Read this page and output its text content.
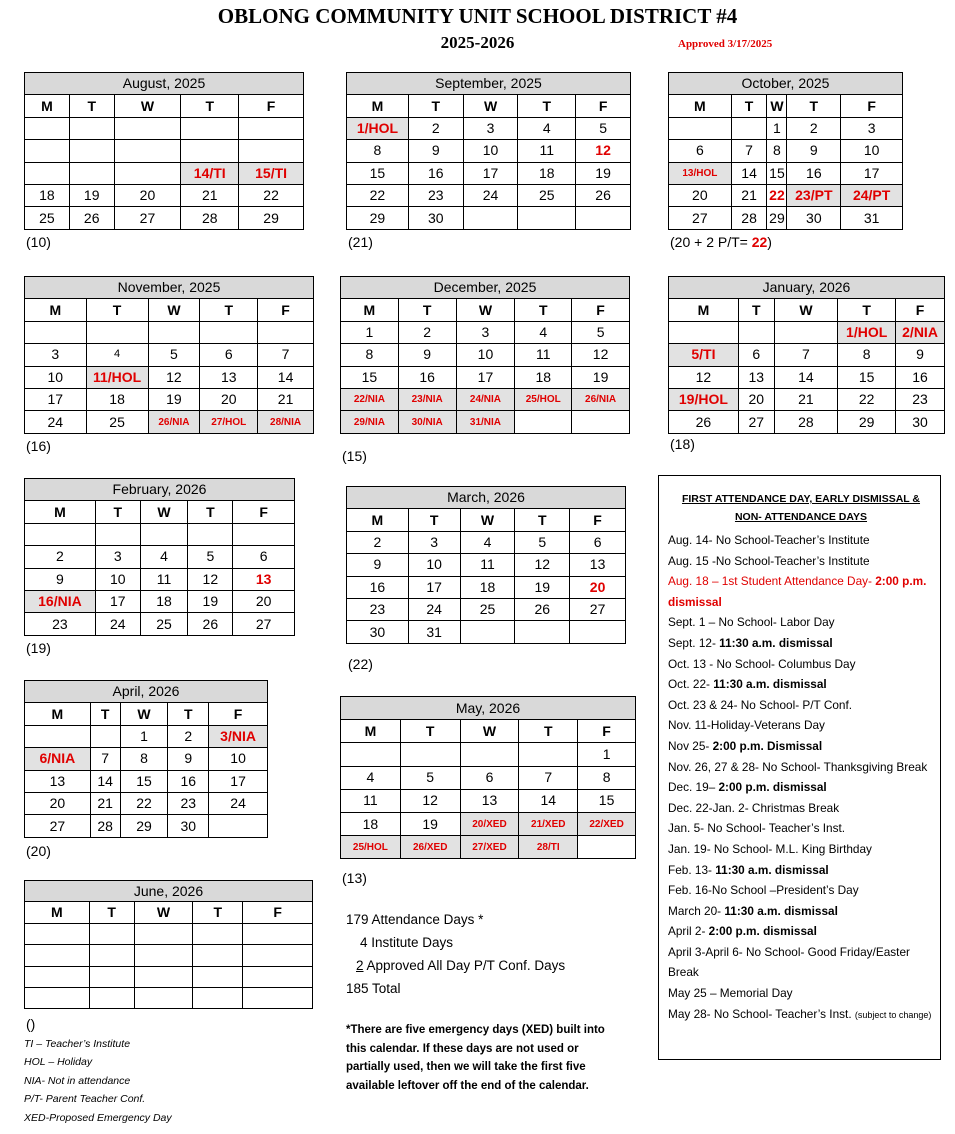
OBLONG COMMUNITY UNIT SCHOOL DISTRICT #4
2025-2026	Approved 3/17/2025
August, 2025				
M	T	W	T	F

			14/TI	15/TI
18	19	20	21	22
25	26	27	28	29
(10)
September, 2025				
M	T	W	T	F
1/HOL	2	3	4	5
8	9	10	11	12
15	16	17	18	19
22	23	24	25	26
29	30			
(21)
October, 2025				
M	T	W	T	F
		1	2	3
6	7	8	9	10
13/HOL	14	15	16	17
20	21	22	23/PT	24/PT
27	28	29	30	31
(20 + 2 P/T= 22)
November, 2025				
M	T	W	T	F

3	4	5	6	7
10	11/HOL	12	13	14
17	18	19	20	21
24	25	26/NIA	27/HOL	28/NIA
(16)
December, 2025				
M	T	W	T	F
1	2	3	4	5
8	9	10	11	12
15	16	17	18	19
22/NIA	23/NIA	24/NIA	25/HOL	26/NIA
29/NIA	30/NIA	31/NIA		
(15)
January, 2026				
M	T	W	T	F
			1/HOL	2/NIA
5/TI	6	7	8	9
12	13	14	15	16
19/HOL	20	21	22	23
26	27	28	29	30
(18)
February, 2026				
M	T	W	T	F

2	3	4	5	6
9	10	11	12	13
16/NIA	17	18	19	20
23	24	25	26	27
(19)
March, 2026				
M	T	W	T	F
2	3	4	5	6
9	10	11	12	13
16	17	18	19	20
23	24	25	26	27
30	31			
(22)
April, 2026				
M	T	W	T	F
		1	2	3/NIA
6/NIA	7	8	9	10
13	14	15	16	17
20	21	22	23	24
27	28	29	30	
(20)
May, 2026				
M	T	W	T	F
				1
4	5	6	7	8
11	12	13	14	15
18	19	20/XED	21/XED	22/XED
25/HOL	26/XED	27/XED	28/TI	
(13)
June, 2026				
M	T	W	T	F

()
TI – Teacher’s Institute
HOL – Holiday
NIA- Not in attendance
P/T- Parent Teacher Conf.
XED-Proposed Emergency Day
179 Attendance Days *
4 Institute Days
2 Approved All Day P/T Conf. Days
185 Total
*There are five emergency days (XED) built into this calendar. If these days are not used or partially used, then we will take the first five available leftover off the end of the calendar.
FIRST ATTENDANCE DAY, EARLY DISMISSAL & NON- ATTENDANCE DAYS
Aug. 14- No School-Teacher’s Institute
Aug. 15 -No School-Teacher’s Institute
Aug. 18 – 1st Student Attendance Day- 2:00 p.m. dismissal
Sept. 1 – No School- Labor Day
Sept. 12- 11:30 a.m. dismissal
Oct. 13 - No School- Columbus Day
Oct. 22- 11:30 a.m. dismissal
Oct. 23 & 24- No School- P/T Conf.
Nov. 11-Holiday-Veterans Day
Nov 25- 2:00 p.m. Dismissal
Nov. 26, 27 & 28- No School- Thanksgiving Break
Dec. 19– 2:00 p.m. dismissal
Dec. 22-Jan. 2- Christmas Break
Jan. 5- No School- Teacher’s Inst.
Jan. 19- No School- M.L. King Birthday
Feb. 13- 11:30 a.m. dismissal
Feb. 16-No School –President’s Day
March 20- 11:30 a.m. dismissal
April 2- 2:00 p.m. dismissal
April 3-April 6- No School- Good Friday/Easter Break
May 25 – Memorial Day
May 28- No School- Teacher’s Inst. (subject to change)
